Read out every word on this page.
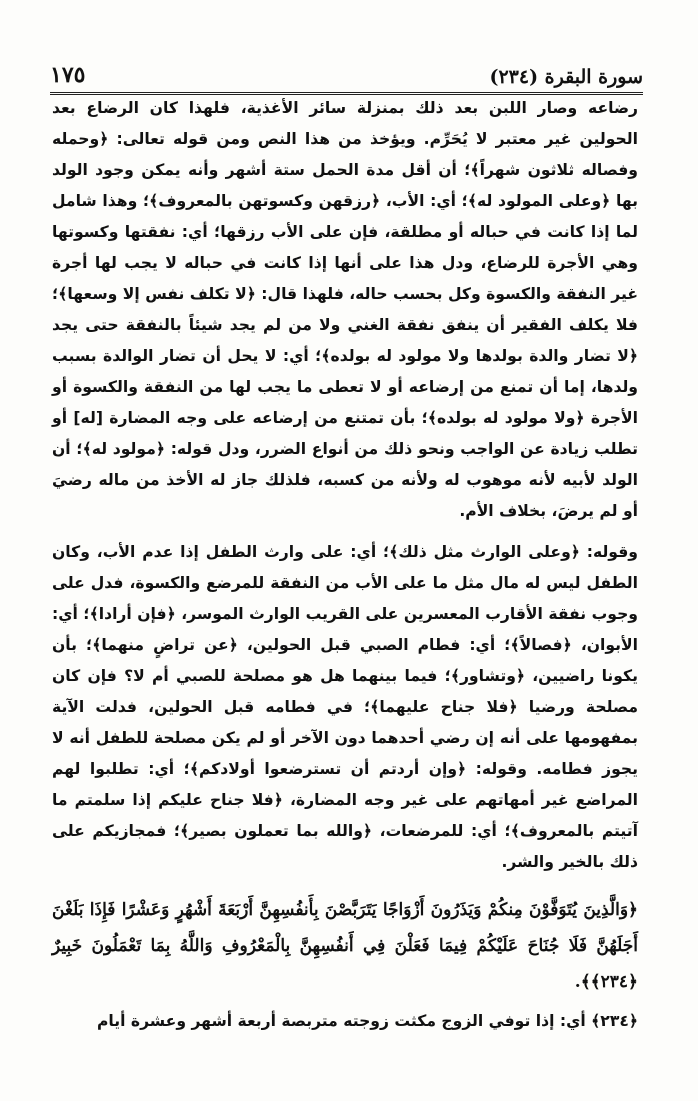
سورة البقرة (٢٣٤)
١٧٥

رضاعه وصار اللبن بعد ذلك بمنزلة سائر الأغذية، فلهذا كان الرضاع بعد الحولين غير معتبر لا يُحَرِّم. ويؤخذ من هذا النص ومن قوله تعالى: ﴿وحمله وفصاله ثلاثون شهراً﴾؛ أن أقل مدة الحمل ستة أشهر وأنه يمكن وجود الولد بها ﴿وعلى المولود له﴾؛ أي: الأب، ﴿رزقهن وكسوتهن بالمعروف﴾؛ وهذا شامل لما إذا كانت في حباله أو مطلقة، فإن على الأب رزقها؛ أي: نفقتها وكسوتها وهي الأجرة للرضاع، ودل هذا على أنها إذا كانت في حباله لا يجب لها أجرة غير النفقة والكسوة وكل بحسب حاله، فلهذا قال: ﴿لا تكلف نفس إلا وسعها﴾؛ فلا يكلف الفقير أن ينفق نفقة الغني ولا من لم يجد شيئاً بالنفقة حتى يجد ﴿لا تضار والدة بولدها ولا مولود له بولده﴾؛ أي: لا يحل أن تضار الوالدة بسبب ولدها، إما أن تمنع من إرضاعه أو لا تعطى ما يجب لها من النفقة والكسوة أو الأجرة ﴿ولا مولود له بولده﴾؛ بأن تمتنع من إرضاعه على وجه المضارة [له] أو تطلب زيادة عن الواجب ونحو ذلك من أنواع الضرر، ودل قوله: ﴿مولود له﴾؛ أن الولد لأبيه لأنه موهوب له ولأنه من كسبه، فلذلك جاز له الأخذ من ماله رضيَ أو لم يرضَ، بخلاف الأم.

وقوله: ﴿وعلى الوارث مثل ذلك﴾؛ أي: على وارث الطفل إذا عدم الأب، وكان الطفل ليس له مال مثل ما على الأب من النفقة للمرضع والكسوة، فدل على وجوب نفقة الأقارب المعسرين على القريب الوارث الموسر، ﴿فإن أرادا﴾؛ أي: الأبوان، ﴿فصالاً﴾؛ أي: فطام الصبي قبل الحولين، ﴿عن تراضٍ منهما﴾؛ بأن يكونا راضيين، ﴿وتشاور﴾؛ فيما بينهما هل هو مصلحة للصبي أم لا؟ فإن كان مصلحة ورضيا ﴿فلا جناح عليهما﴾؛ في فطامه قبل الحولين، فدلت الآية بمفهومها على أنه إن رضي أحدهما دون الآخر أو لم يكن مصلحة للطفل أنه لا يجوز فطامه. وقوله: ﴿وإن أردتم أن تسترضعوا أولادكم﴾؛ أي: تطلبوا لهم المراضع غير أمهاتهم على غير وجه المضارة، ﴿فلا جناح عليكم إذا سلمتم ما آتيتم بالمعروف﴾؛ أي: للمرضعات، ﴿والله بما تعملون بصير﴾؛ فمجازيكم على ذلك بالخير والشر.

﴿وَالَّذِينَ يُتَوَفَّوْنَ مِنكُمْ وَيَذَرُونَ أَزْوَاجًا يَتَرَبَّصْنَ بِأَنفُسِهِنَّ أَرْبَعَةَ أَشْهُرٍ وَعَشْرًا فَإِذَا بَلَغْنَ أَجَلَهُنَّ فَلَا جُنَاحَ عَلَيْكُمْ فِيمَا فَعَلْنَ فِي أَنفُسِهِنَّ بِالْمَعْرُوفِ وَاللَّهُ بِمَا تَعْمَلُونَ خَبِيرٌ ﴿٢٣٤﴾﴾.

﴿٢٣٤﴾ أي: إذا توفي الزوج مكثت زوجته متربصة أربعة أشهر وعشرة أيام
